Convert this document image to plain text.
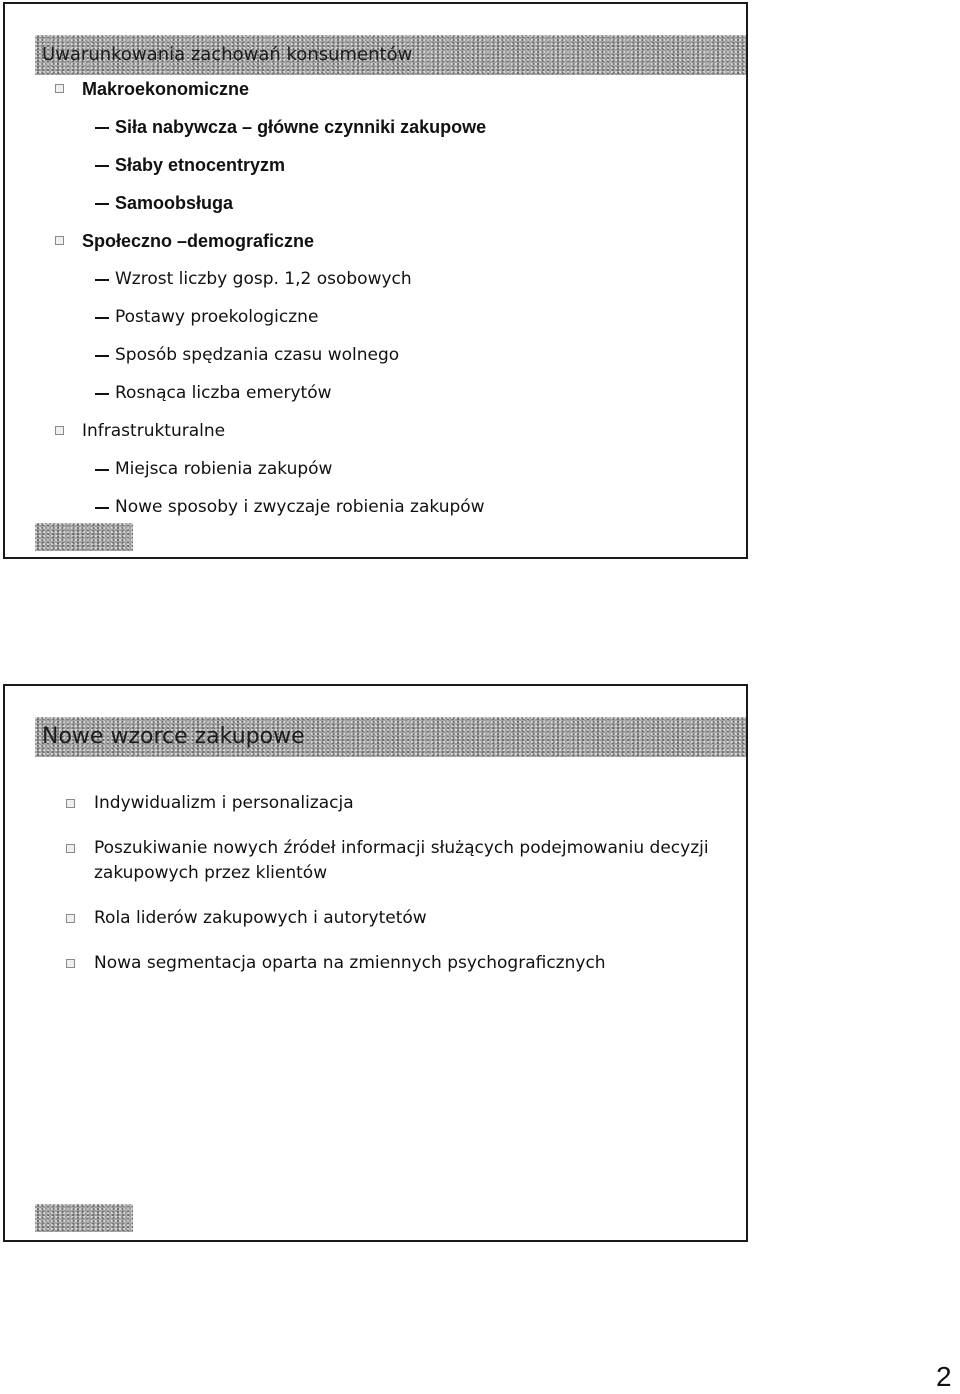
Uwarunkowania zachowań konsumentów
Makroekonomiczne
Siła nabywcza – główne czynniki zakupowe
Słaby etnocentryzm
Samoobsługa
Społeczno –demograficzne
Wzrost liczby gosp. 1,2 osobowych
Postawy proekologiczne
Sposób spędzania czasu wolnego
Rosnąca liczba emerytów
Infrastrukturalne
Miejsca robienia zakupów
Nowe sposoby i zwyczaje robienia zakupów
Nowe wzorce zakupowe
Indywidualizm i personalizacja
Poszukiwanie nowych źródeł informacji służących podejmowaniu decyzji zakupowych przez klientów
Rola liderów zakupowych i autorytetów
Nowa segmentacja oparta na zmiennych psychograficznych
2
